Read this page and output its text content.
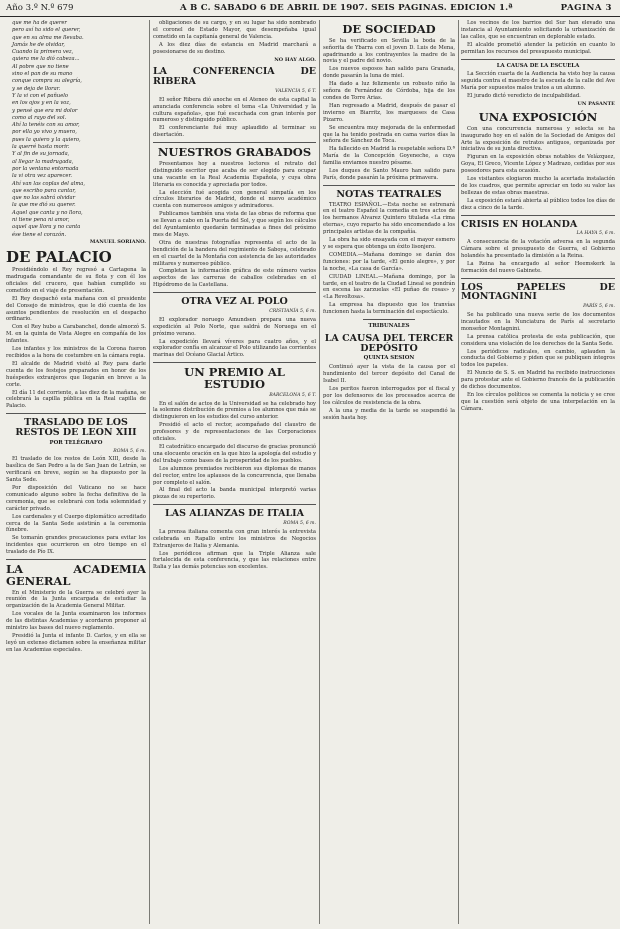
Año 3.º N.º 679	A B C. SABADO 6 DE ABRIL DE 1907. SEIS PAGINAS. EDICION 1.ª	PAGINA 3
que me ha de querer
pero así ha sido el querer,
que en su alma me llevaba.
Jamás he de olvidar,
Cuando la primera vez,
quiera me la dió cabeza...
Al pobre que no tiene
sino el pan de su mano
conque compra su alegría,
y se deja de llorar.
Y la vi con el pañuelo
en los ojos y en la voz,
y pensé que era mi dolor
como al rayo del sol.
Ahí la tenéis con su amor,
por ella yo vivo y muero,
pues la quiero y la quiero,
la querré hasta morir.
Y al fin de su jornada,
al llegar la madrugada,
por la ventana entornada
la vi otra vez aparecer.
Ahí van las coplas del alma,
que escribo para cantar,
que no las sabrá olvidar
la que me dió su querer.
Aquel que canta y no llora,
ni tiene pena ni amor,
aquel que llora y no canta
ése tiene el corazón.
MANUEL SORIANO.
DE PALACIO

Presidiéndolo el Rey regresó a Cartagena la madrugada comandante de su flota y con él los oficiales del crucero, que habían cumplido su cometido en el viaje de presentación.

El Rey despachó esta mañana con el presidente del Consejo de ministros, que le dió cuenta de los asuntos pendientes de resolución en el despacho ordinario.

Con el Rey hubo a Carabanchel, donde almorzó S. M. en la quinta de Vista Alegre en compañía de los infantes.

Los infantes y los ministros de la Corona fueron recibidos a la hora de costumbre en la cámara regia.

El alcalde de Madrid visitó al Rey para darle cuenta de los festejos preparados en honor de los huéspedes extranjeros que llegarán en breve a la corte.

El día 11 del corriente, a las diez de la mañana, se celebrará la capilla pública en la Real capilla de Palacio.

TRASLADO DE LOS RESTOS DE LEON XIII
POR TELÉGRAFO
ROMA 5, 6 m.

El traslado de los restos de León XIII, desde la basílica de San Pedro a la de San Juan de Letrán, se verificará en breve, según se ha dispuesto por la Santa Sede.

Por disposición del Vaticano no se hace comunicado alguno sobre la fecha definitiva de la ceremonia, que se celebrará con toda solemnidad y carácter privado.

Los cardenales y el Cuerpo diplomático acreditado cerca de la Santa Sede asistirán a la ceremonia fúnebre.

Se tomarán grandes precauciones para evitar los incidentes que ocurrieron en otro tiempo en el traslado de Pío IX.

LA ACADEMIA GENERAL

En el Ministerio de la Guerra se celebró ayer la reunión de la Junta encargada de estudiar la organización de la Academia General Militar.

Los vocales de la Junta examinaron los informes de las distintas Academias y acordaron proponer al ministro las bases del nuevo reglamento.

Presidió la Junta el infante D. Carlos, y en ella se leyó un extenso dictamen sobre la enseñanza militar en las Academias especiales.

obligaciones de su cargo, y en su lugar ha sido nombrado el coronel de Estado Mayor, que desempeñaba igual cometido en la capitanía general de Valencia.

A los diez días de estancia en Madrid marchará a posesionarse de su destino.

NO HAY ALGO.
LA CONFERENCIA DE RIBERA
VALENCIA 5, 6 T.

El señor Ribera dió anoche en el Ateneo de esta capital la anunciada conferencia sobre el tema «La Universidad y la cultura española», que fué escuchada con gran interés por numeroso y distinguido público.

El conferenciante fué muy aplaudido al terminar su disertación.

NUESTROS GRABADOS

Presentamos hoy a nuestros lectores el retrato del distinguido escritor que acaba de ser elegido para ocupar una vacante en la Real Academia Española, y cuya obra literaria es conocida y apreciada por todos.

La elección fué acogida con general simpatía en los círculos literarios de Madrid, donde el nuevo académico cuenta con numerosos amigos y admiradores.

Publicamos también una vista de las obras de reforma que se llevan a cabo en la Puerta del Sol, y que según los cálculos del Ayuntamiento quedarán terminadas a fines del próximo mes de Mayo.

Otra de nuestras fotografías representa el acto de la bendición de la bandera del regimiento de Saboya, celebrado en el cuartel de la Montaña con asistencia de las autoridades militares y numeroso público.

Completan la información gráfica de este número varios aspectos de las carreras de caballos celebradas en el Hipódromo de la Castellana.

OTRA VEZ AL POLO
CRISTIANÍA 5, 6 m.

El explorador noruego Amundsen prepara una nueva expedición al Polo Norte, que saldrá de Noruega en el próximo verano.

La expedición llevará víveres para cuatro años, y el explorador confía en alcanzar el Polo utilizando las corrientes marinas del Océano Glacial Ártico.

UN PREMIO AL ESTUDIO
BARCELONA 5, 6 T.

En el salón de actos de la Universidad se ha celebrado hoy la solemne distribución de premios a los alumnos que más se distinguieron en los estudios del curso anterior.

Presidió el acto el rector, acompañado del claustro de profesores y de representaciones de las Corporaciones oficiales.

El catedrático encargado del discurso de gracias pronunció una elocuente oración en la que hizo la apología del estudio y del trabajo como bases de la prosperidad de los pueblos.

Los alumnos premiados recibieron sus diplomas de manos del rector, entre los aplausos de la concurrencia, que llenaba por completo el salón.

Al final del acto la banda municipal interpretó varias piezas de su repertorio.

LAS ALIANZAS DE ITALIA
ROMA 5, 6 m.

La prensa italiana comenta con gran interés la entrevista celebrada en Rapallo entre los ministros de Negocios Extranjeros de Italia y Alemania.

Los periódicos afirman que la Triple Alianza sale fortalecida de esta conferencia, y que las relaciones entre Italia y las demás potencias son excelentes.

DE SOCIEDAD

Se ha verificado en Sevilla la boda de la señorita de Ybarra con el joven D. Luis de Mena, apadrinando a los contrayentes la madre de la novia y el padre del novio.

Los nuevos esposos han salido para Granada, donde pasarán la luna de miel.

Ha dado a luz felizmente un robusto niño la señora de Fernández de Córdoba, hija de los condes de Torre Arias.

Han regresado a Madrid, después de pasar el invierno en Biarritz, los marqueses de Casa Pizarro.

Se encuentra muy mejorada de la enfermedad que la ha tenido postrada en cama varios días la señora de Sánchez de Toca.

Ha fallecido en Madrid la respetable señora D.ª María de la Concepción Goyeneche, a cuya familia enviamos nuestro pésame.

Los duques de Santo Mauro han salido para París, donde pasarán la próxima primavera.

NOTAS TEATRALES

TEATRO ESPAÑOL.—Esta noche se estrenará en el teatro Español la comedia en tres actos de los hermanos Álvarez Quintero titulada «La rima eterna», cuyo reparto ha sido encomendado a los principales artistas de la compañía.

La obra ha sido ensayada con el mayor esmero y se espera que obtenga un éxito lisonjero.

COMEDIA.—Mañana domingo se darán dos funciones: por la tarde, «El genio alegre», y por la noche, «La casa de García».

CIUDAD LINEAL.—Mañana domingo, por la tarde, en el teatro de la Ciudad Lineal se pondrán en escena las zarzuelas «El puñao de rosas» y «La Revoltosa».

La empresa ha dispuesto que los tranvías funcionen hasta la terminación del espectáculo.

TRIBUNALES
LA CAUSA DEL TERCER DEPÓSITO
QUINTA SESION

Continuó ayer la vista de la causa por el hundimiento del tercer depósito del Canal de Isabel II.

Los peritos fueron interrogados por el fiscal y por los defensores de los procesados acerca de los cálculos de resistencia de la obra.

A la una y media de la tarde se suspendió la sesión hasta hoy.

Los vecinos de los barrios del Sur han elevado una instancia al Ayuntamiento solicitando la urbanización de las calles, que se encuentran en deplorable estado.

El alcalde prometió atender la petición en cuanto lo permitan los recursos del presupuesto municipal.

LA CAUSA DE LA ESCUELA

La Sección cuarta de la Audiencia ha visto hoy la causa seguida contra el maestro de la escuela de la calle del Ave María por supuestos malos tratos a un alumno.

El jurado dictó veredicto de inculpabilidad.

UN PASANTE
UNA EXPOSICIÓN

Con una concurrencia numerosa y selecta se ha inaugurado hoy en el salón de la Sociedad de Amigos del Arte la exposición de retratos antiguos, organizada por iniciativa de su junta directiva.

Figuran en la exposición obras notables de Velázquez, Goya, El Greco, Vicente López y Madrazo, cedidas por sus poseedores para esta ocasión.

Los visitantes elogiaron mucho la acertada instalación de los cuadros, que permite apreciar en todo su valor las bellezas de estas obras maestras.

La exposición estará abierta al público todos los días de diez a cinco de la tarde.

CRISIS EN HOLANDA
LA HAYA 5, 6 m.

A consecuencia de la votación adversa en la segunda Cámara sobre el presupuesto de Guerra, el Gobierno holandés ha presentado la dimisión a la Reina.

La Reina ha encargado al señor Heemskerk la formación del nuevo Gabinete.

LOS PAPELES DE MONTAGNINI
PARÍS 5, 6 m.

Se ha publicado una nueva serie de los documentos incautados en la Nunciatura de París al secretario monseñor Montagnini.

La prensa católica protesta de esta publicación, que considera una violación de los derechos de la Santa Sede.

Los periódicos radicales, en cambio, aplauden la conducta del Gobierno y piden que se publiquen íntegros todos los papeles.

El Nuncio de S. S. en Madrid ha recibido instrucciones para protestar ante el Gobierno francés de la publicación de dichos documentos.

En los círculos políticos se comenta la noticia y se cree que la cuestión será objeto de una interpelación en la Cámara.
